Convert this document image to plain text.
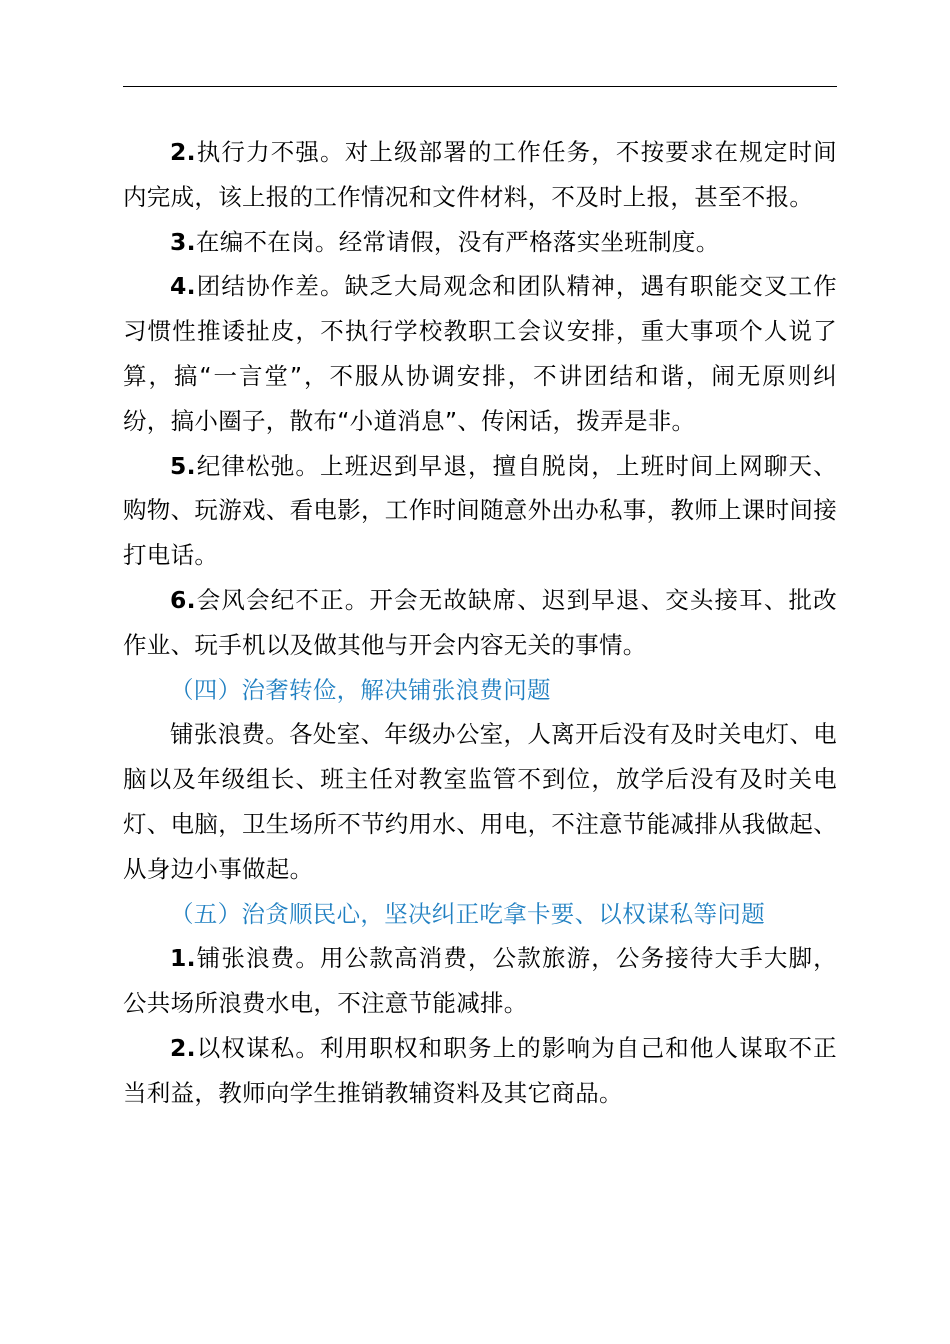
2.执行力不强。对上级部署的工作任务，不按要求在规定时间内完成，该上报的工作情况和文件材料，不及时上报，甚至不报。

3.在编不在岗。经常请假，没有严格落实坐班制度。

4.团结协作差。缺乏大局观念和团队精神，遇有职能交叉工作习惯性推诿扯皮，不执行学校教职工会议安排，重大事项个人说了算，搞“一言堂”，不服从协调安排，不讲团结和谐，闹无原则纠纷，搞小圈子，散布“小道消息”、传闲话，拨弄是非。

5.纪律松弛。上班迟到早退，擅自脱岗，上班时间上网聊天、购物、玩游戏、看电影，工作时间随意外出办私事，教师上课时间接打电话。

6.会风会纪不正。开会无故缺席、迟到早退、交头接耳、批改作业、玩手机以及做其他与开会内容无关的事情。

（四）治奢转俭，解决铺张浪费问题

铺张浪费。各处室、年级办公室，人离开后没有及时关电灯、电脑以及年级组长、班主任对教室监管不到位，放学后没有及时关电灯、电脑，卫生场所不节约用水、用电，不注意节能减排从我做起、从身边小事做起。

（五）治贪顺民心，坚决纠正吃拿卡要、以权谋私等问题

1.铺张浪费。用公款高消费，公款旅游，公务接待大手大脚，公共场所浪费水电，不注意节能减排。

2.以权谋私。利用职权和职务上的影响为自己和他人谋取不正当利益，教师向学生推销教辅资料及其它商品。
